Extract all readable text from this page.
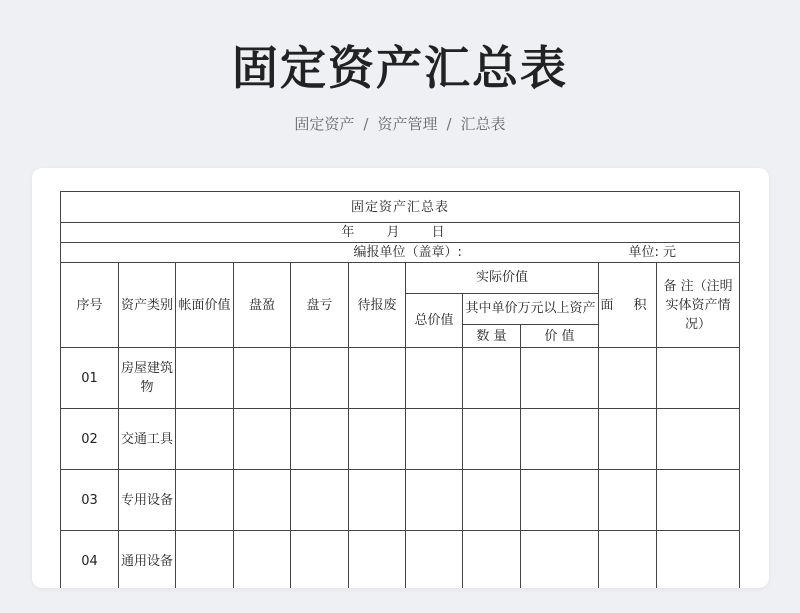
固定资产汇总表
固定资产 / 资产管理 / 汇总表
固定资产汇总表										
年 月 日										
编报单位（盖章）: 单位: 元										

序号	资产类别	帐面价值	盘盈	盘亏	待报废	实际价值			面 积	备 注（注明实体资产情况）
						总价值	其中单价万元以上资产			
							数 量	价 值		
01	房屋建筑物									
02	交通工具									
03	专用设备									
04	通用设备									
